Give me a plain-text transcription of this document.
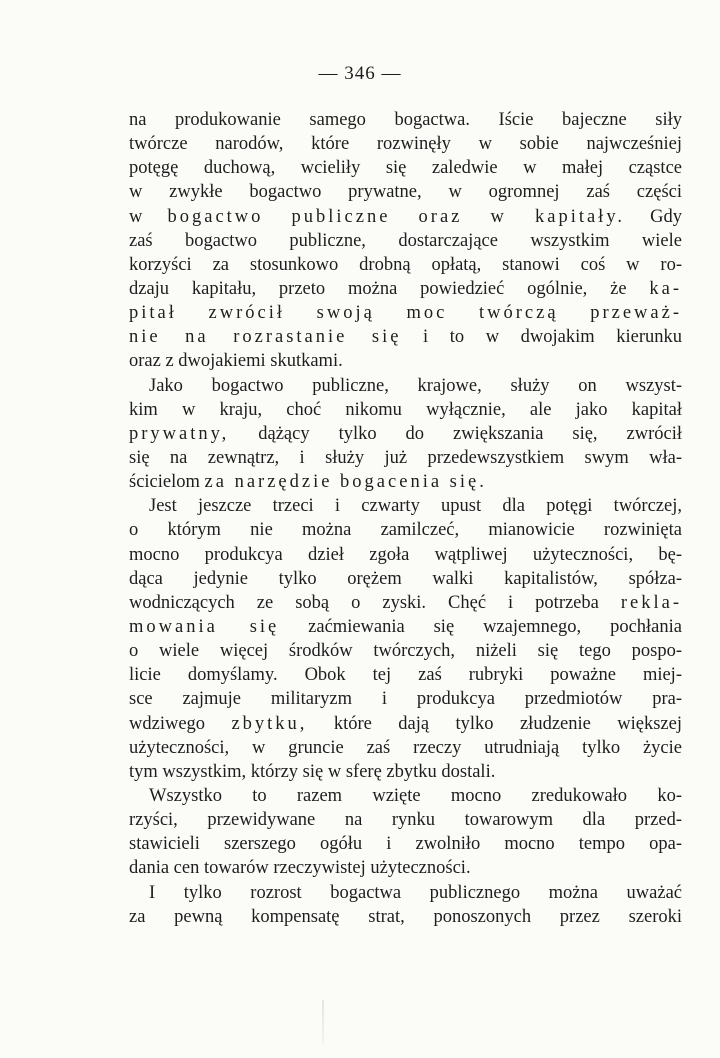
— 346 —
na produkowanie samego bogactwa. Iście bajeczne siły
twórcze narodów, które rozwinęły w sobie najwcześniej
potęgę duchową, wcieliły się zaledwie w małej cząstce
w zwykłe bogactwo prywatne, w ogromnej zaś części
w bogactwo publiczne oraz w kapitały. Gdy
zaś bogactwo publiczne, dostarczające wszystkim wiele
korzyści za stosunkowo drobną opłatą, stanowi coś w ro‑
dzaju kapitału, przeto można powiedzieć ogólnie, że ka‑
pitał zwrócił swoją moc twórczą przeważ‑
nie na rozrastanie się i to w dwojakim kierunku
oraz z dwojakiemi skutkami.
Jako bogactwo publiczne, krajowe, służy on wszyst‑
kim w kraju, choć nikomu wyłącznie, ale jako kapitał
prywatny, dążący tylko do zwiększania się, zwrócił
się na zewnątrz, i służy już przedewszystkiem swym wła‑
ścicielom za narzędzie bogacenia się.
Jest jeszcze trzeci i czwarty upust dla potęgi twórczej,
o którym nie można zamilczeć, mianowicie rozwinięta
mocno produkcya dzieł zgoła wątpliwej użyteczności, bę‑
dąca jedynie tylko orężem walki kapitalistów, spółza‑
wodniczących ze sobą o zyski. Chęć i potrzeba rekla‑
mowania się zaćmiewania się wzajemnego, pochłania
o wiele więcej środków twórczych, niżeli się tego pospo‑
licie domyślamy. Obok tej zaś rubryki poważne miej‑
sce zajmuje militaryzm i produkcya przedmiotów pra‑
wdziwego zbytku, które dają tylko złudzenie większej
użyteczności, w gruncie zaś rzeczy utrudniają tylko życie
tym wszystkim, którzy się w sferę zbytku dostali.
Wszystko to razem wzięte mocno zredukowało ko‑
rzyści, przewidywane na rynku towarowym dla przed‑
stawicieli szerszego ogółu i zwolniło mocno tempo opa‑
dania cen towarów rzeczywistej użyteczności.
I tylko rozrost bogactwa publicznego można uważać
za pewną kompensatę strat, ponoszonych przez szeroki
